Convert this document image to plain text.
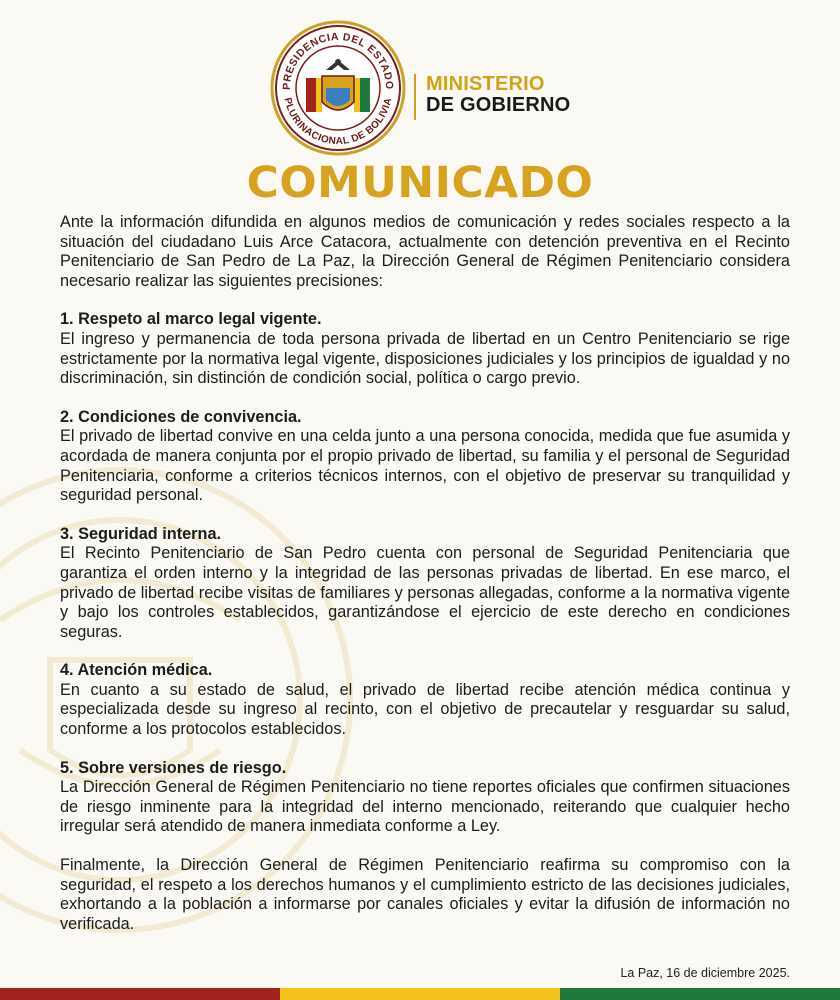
PRESIDENCIA DEL ESTADO
PLURINACIONAL DE BOLIVIA
MINISTERIO
DE GOBIERNO
COMUNICADO

Ante la información difundida en algunos medios de comunicación y redes sociales respecto a la situación del ciudadano Luis Arce Catacora, actualmente con detención preventiva en el Recinto Penitenciario de San Pedro de La Paz, la Dirección General de Régimen Penitenciario considera necesario realizar las siguientes precisiones:

1. Respeto al marco legal vigente.

El ingreso y permanencia de toda persona privada de libertad en un Centro Penitenciario se rige estrictamente por la normativa legal vigente, disposiciones judiciales y los principios de igualdad y no discriminación, sin distinción de condición social, política o cargo previo.

2. Condiciones de convivencia.

El privado de libertad convive en una celda junto a una persona conocida, medida que fue asumida y acordada de manera conjunta por el propio privado de libertad, su familia y el personal de Seguridad Penitenciaria, conforme a criterios técnicos internos, con el objetivo de preservar su tranquilidad y seguridad personal.

3. Seguridad interna.

El Recinto Penitenciario de San Pedro cuenta con personal de Seguridad Penitenciaria que garantiza el orden interno y la integridad de las personas privadas de libertad. En ese marco, el privado de libertad recibe visitas de familiares y personas allegadas, conforme a la normativa vigente y bajo los controles establecidos, garantizándose el ejercicio de este derecho en condiciones seguras.

4. Atención médica.

En cuanto a su estado de salud, el privado de libertad recibe atención médica continua y especializada desde su ingreso al recinto, con el objetivo de precautelar y resguardar su salud, conforme a los protocolos establecidos.

5. Sobre versiones de riesgo.

La Dirección General de Régimen Penitenciario no tiene reportes oficiales que confirmen situaciones de riesgo inminente para la integridad del interno mencionado, reiterando que cualquier hecho irregular será atendido de manera inmediata conforme a Ley.

Finalmente, la Dirección General de Régimen Penitenciario reafirma su compromiso con la seguridad, el respeto a los derechos humanos y el cumplimiento estricto de las decisiones judiciales, exhortando a la población a informarse por canales oficiales y evitar la difusión de información no verificada.

La Paz, 16 de diciembre 2025.
